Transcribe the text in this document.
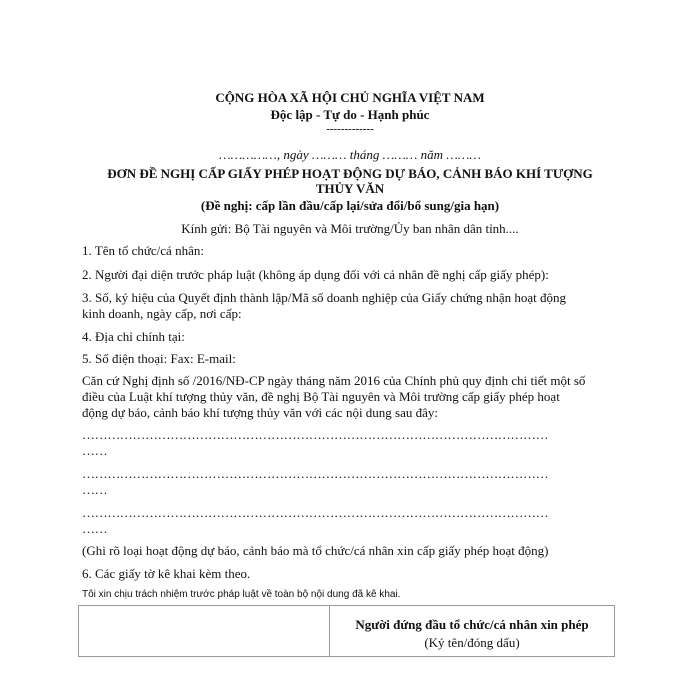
CỘNG HÒA XÃ HỘI CHỦ NGHĨA VIỆT NAM
Độc lập - Tự do - Hạnh phúc
-------------
……………, ngày ……… tháng ……… năm ………
ĐƠN ĐỀ NGHỊ CẤP GIẤY PHÉP HOẠT ĐỘNG DỰ BÁO, CẢNH BÁO KHÍ TƯỢNG
THỦY VĂN
(Đề nghị: cấp lần đầu/cấp lại/sửa đổi/bổ sung/gia hạn)
Kính gửi: Bộ Tài nguyên và Môi trường/Ủy ban nhân dân tỉnh....
1. Tên tổ chức/cá nhân:
2. Người đại diện trước pháp luật (không áp dụng đối với cá nhân đề nghị cấp giấy phép):
3. Số, ký hiệu của Quyết định thành lập/Mã số doanh nghiệp của Giấy chứng nhận hoạt động
kinh doanh, ngày cấp, nơi cấp:
4. Địa chỉ chính tại:
5. Số điện thoại: Fax: E-mail:
Căn cứ Nghị định số /2016/NĐ-CP ngày tháng năm 2016 của Chính phủ quy định chi tiết một số
điều của Luật khí tượng thủy văn, đề nghị Bộ Tài nguyên và Môi trường cấp giấy phép hoạt
động dự báo, cảnh báo khí tượng thủy văn với các nội dung sau đây:
…………………………………………………………………………………………………
……
…………………………………………………………………………………………………
……
…………………………………………………………………………………………………
……
(Ghi rõ loại hoạt động dự báo, cảnh báo mà tổ chức/cá nhân xin cấp giấy phép hoạt động)
6. Các giấy tờ kê khai kèm theo.
Tôi xin chịu trách nhiệm trước pháp luật về toàn bộ nội dung đã kê khai.

Người đứng đầu tổ chức/cá nhân xin phép
(Ký tên/đóng dấu)
